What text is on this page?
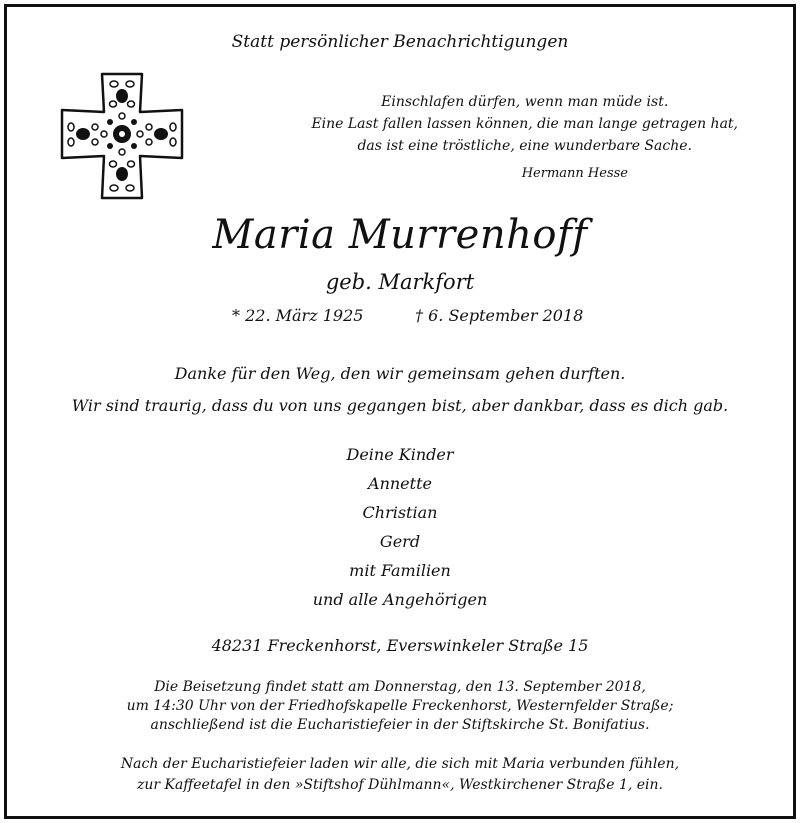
Statt persönlicher Benachrichtigungen
Einschlafen dürfen, wenn man müde ist.
Eine Last fallen lassen können, die man lange getragen hat,
das ist eine tröstliche, eine wunderbare Sache.
Hermann Hesse
Maria Murrenhoff
geb. Markfort
* 22. März 1925	† 6. September 2018
Danke für den Weg, den wir gemeinsam gehen durften.
Wir sind traurig, dass du von uns gegangen bist, aber dankbar, dass es dich gab.
Deine Kinder
Annette
Christian
Gerd
mit Familien
und alle Angehörigen
48231 Freckenhorst, Everswinkeler Straße 15
Die Beisetzung findet statt am Donnerstag, den 13. September 2018,
um 14:30 Uhr von der Friedhofskapelle Freckenhorst, Westernfelder Straße;
anschließend ist die Eucharistiefeier in der Stiftskirche St. Bonifatius.
Nach der Eucharistiefeier laden wir alle, die sich mit Maria verbunden fühlen,
zur Kaffeetafel in den »Stiftshof Dühlmann«, Westkirchener Straße 1, ein.
